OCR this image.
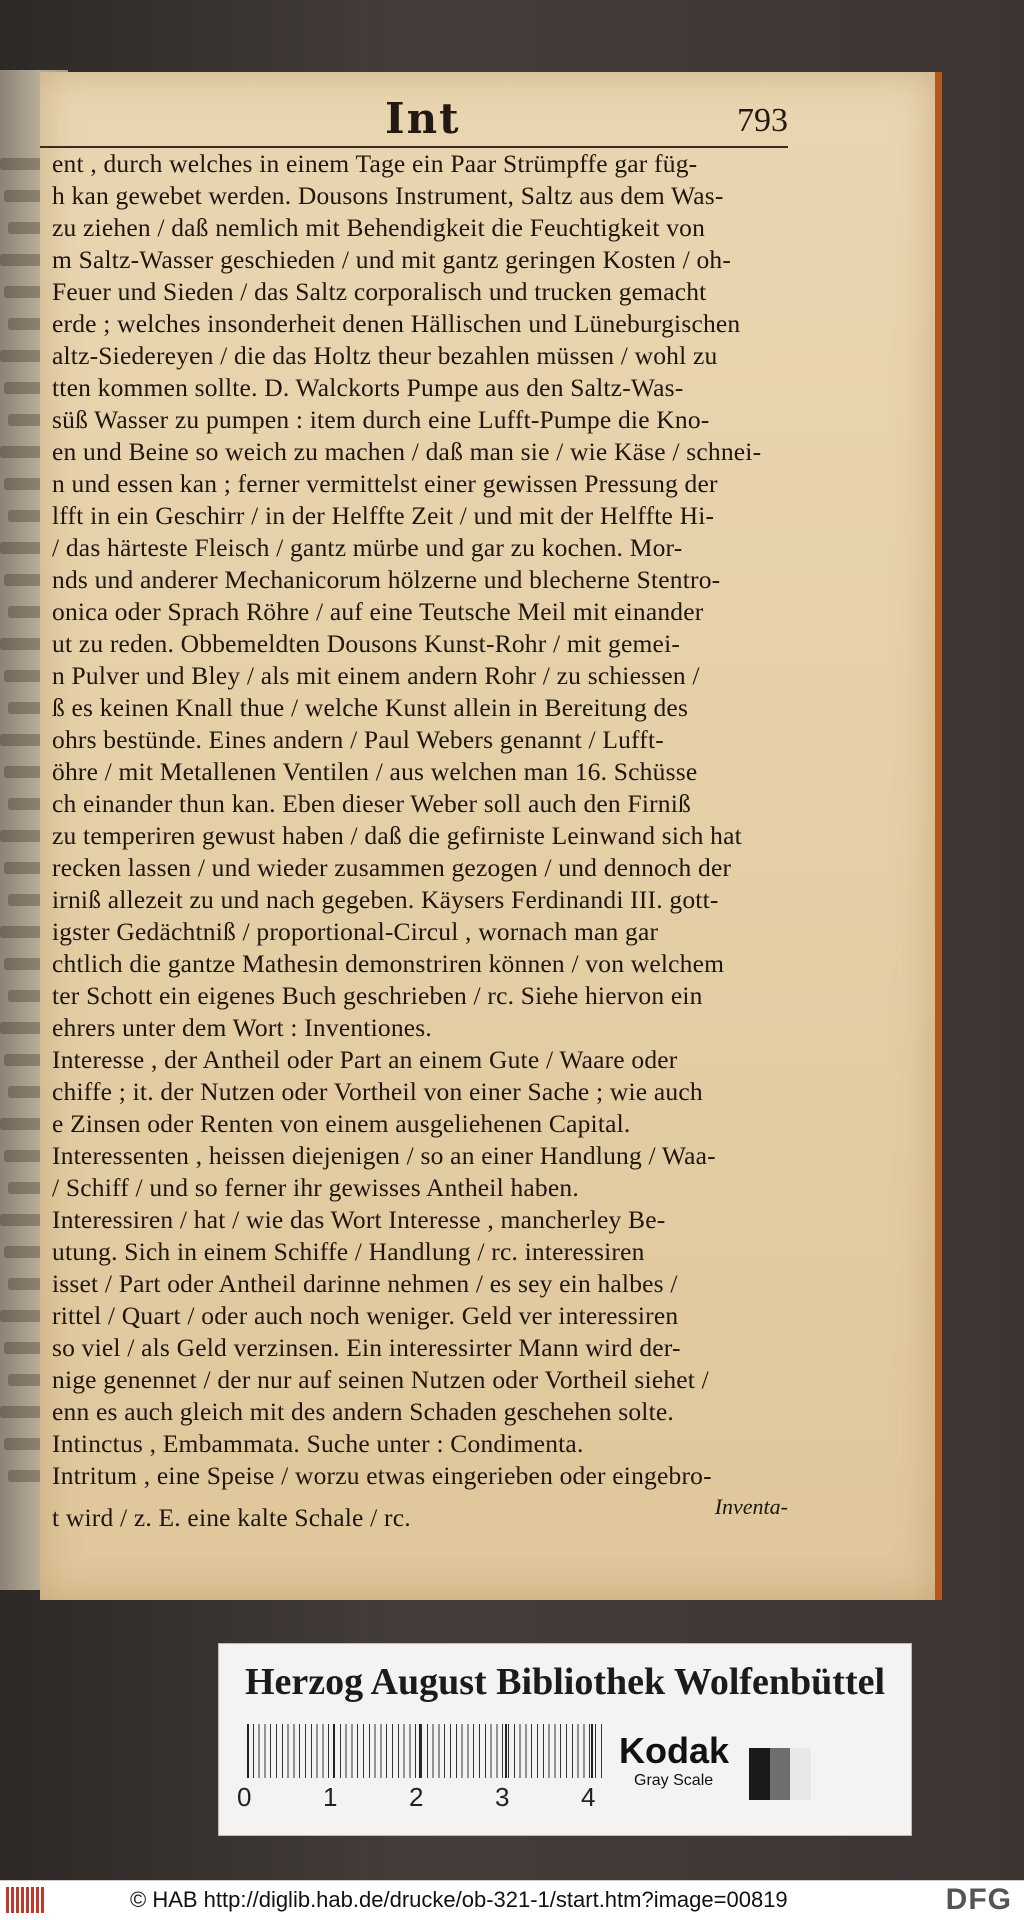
Int	793
ent , durch welches in einem Tage ein Paar Strümpffe gar füg-
h kan gewebet werden. Dousons Instrument, Saltz aus dem Was-
zu ziehen / daß nemlich mit Behendigkeit die Feuchtigkeit von
m Saltz-Wasser geschieden / und mit gantz geringen Kosten / oh-
Feuer und Sieden / das Saltz corporalisch und trucken gemacht
erde ; welches insonderheit denen Hällischen und Lüneburgischen
altz-Siedereyen / die das Holtz theur bezahlen müssen / wohl zu
tten kommen sollte. D. Walckorts Pumpe aus den Saltz-Was-
süß Wasser zu pumpen : item durch eine Lufft-Pumpe die Kno-
en und Beine so weich zu machen / daß man sie / wie Käse / schnei-
n und essen kan ; ferner vermittelst einer gewissen Pressung der
lfft in ein Geschirr / in der Helffte Zeit / und mit der Helffte Hi-
/ das härteste Fleisch / gantz mürbe und gar zu kochen. Mor-
nds und anderer Mechanicorum hölzerne und blecherne Stentro-
onica oder Sprach Röhre / auf eine Teutsche Meil mit einander
ut zu reden. Obbemeldten Dousons Kunst-Rohr / mit gemei-
n Pulver und Bley / als mit einem andern Rohr / zu schiessen /
ß es keinen Knall thue / welche Kunst allein in Bereitung des
ohrs bestünde. Eines andern / Paul Webers genannt / Lufft-
öhre / mit Metallenen Ventilen / aus welchen man 16. Schüsse
ch einander thun kan. Eben dieser Weber soll auch den Firniß
zu temperiren gewust haben / daß die gefirniste Leinwand sich hat
recken lassen / und wieder zusammen gezogen / und dennoch der
irniß allezeit zu und nach gegeben. Käysers Ferdinandi III. gott-
igster Gedächtniß / proportional-Circul , wornach man gar
chtlich die gantze Mathesin demonstriren können / von welchem
ter Schott ein eigenes Buch geschrieben / rc. Siehe hiervon ein
ehrers unter dem Wort : Inventiones.
Interesse , der Antheil oder Part an einem Gute / Waare oder
chiffe ; it. der Nutzen oder Vortheil von einer Sache ; wie auch
e Zinsen oder Renten von einem ausgeliehenen Capital.
Interessenten , heissen diejenigen / so an einer Handlung / Waa-
/ Schiff / und so ferner ihr gewisses Antheil haben.
Interessiren / hat / wie das Wort Interesse , mancherley Be-
utung. Sich in einem Schiffe / Handlung / rc. interessiren
isset / Part oder Antheil darinne nehmen / es sey ein halbes /
rittel / Quart / oder auch noch weniger. Geld ver interessiren
so viel / als Geld verzinsen. Ein interessirter Mann wird der-
nige genennet / der nur auf seinen Nutzen oder Vortheil siehet /
enn es auch gleich mit des andern Schaden geschehen solte.
Intinctus , Embammata. Suche unter : Condimenta.
Intritum , eine Speise / worzu etwas eingerieben oder eingebro-
t wird / z. E. eine kalte Schale / rc.	Inventa-
Herzog August Bibliothek Wolfenbüttel
0	1	2	3	4
Kodak
Gray Scale
© HAB http://diglib.hab.de/drucke/ob-321-1/start.htm?image=00819	DFG
